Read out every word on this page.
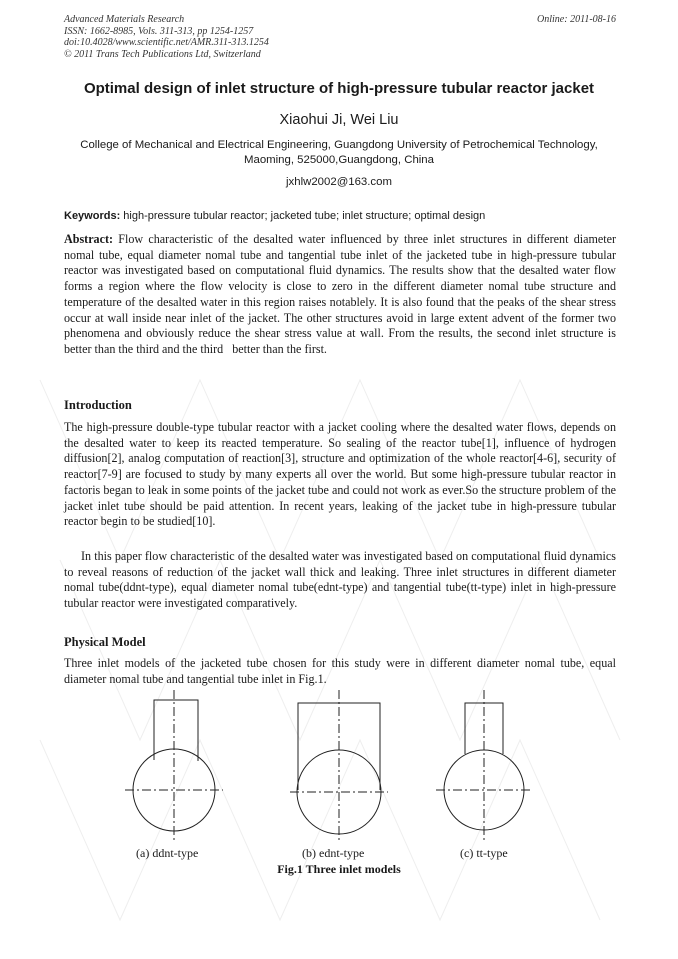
Advanced Materials Research
ISSN: 1662-8985, Vols. 311-313, pp 1254-1257
doi:10.4028/www.scientific.net/AMR.311-313.1254
© 2011 Trans Tech Publications Ltd, Switzerland
Online: 2011-08-16
Optimal design of inlet structure of high-pressure tubular reactor jacket
Xiaohui Ji, Wei Liu
College of Mechanical and Electrical Engineering, Guangdong University of Petrochemical Technology, Maoming, 525000,Guangdong, China
jxhlw2002@163.com
Keywords: high-pressure tubular reactor; jacketed tube; inlet structure; optimal design
Abstract: Flow characteristic of the desalted water influenced by three inlet structures in different diameter nomal tube, equal diameter nomal tube and tangential tube inlet of the jacketed tube in high-pressure tubular reactor was investigated based on computational fluid dynamics. The results show that the desalted water flow forms a region where the flow velocity is close to zero in the different diameter nomal tube structure and temperature of the desalted water in this region raises notablely. It is also found that the peaks of the shear stress occur at wall inside near inlet of the jacket. The other structures avoid in large extent advent of the former two phenomena and obviously reduce the shear stress value at wall. From the results, the second inlet structure is better than the third and the third   better than the first.
Introduction
The high-pressure double-type tubular reactor with a jacket cooling where the desalted water flows, depends on the desalted water to keep its reacted temperature. So sealing of the reactor tube[1], influence of hydrogen diffusion[2], analog computation of reaction[3], structure and optimization of the whole reactor[4-6], security of reactor[7-9] are focused to study by many experts all over the world. But some high-pressure tubular reactor in factoris began to leak in some points of the jacket tube and could not work as ever.So the structure problem of the jacket inlet tube should be paid attention. In recent years, leaking of the jacket tube in high-pressure tubular reactor begin to be studied[10].
In this paper flow characteristic of the desalted water was investigated based on computational fluid dynamics to reveal reasons of reduction of the jacket wall thick and leaking. Three inlet structures in different diameter nomal tube(ddnt-type), equal diameter nomal tube(ednt-type) and tangential tube(tt-type) inlet in high-pressure tubular reactor were investigated comparatively.
Physical Model
Three inlet models of the jacketed tube chosen for this study were in different diameter nomal tube, equal diameter nomal tube and tangential tube inlet in Fig.1.
(a) ddnt-type	(b) ednt-type	(c) tt-type
Fig.1 Three inlet models
